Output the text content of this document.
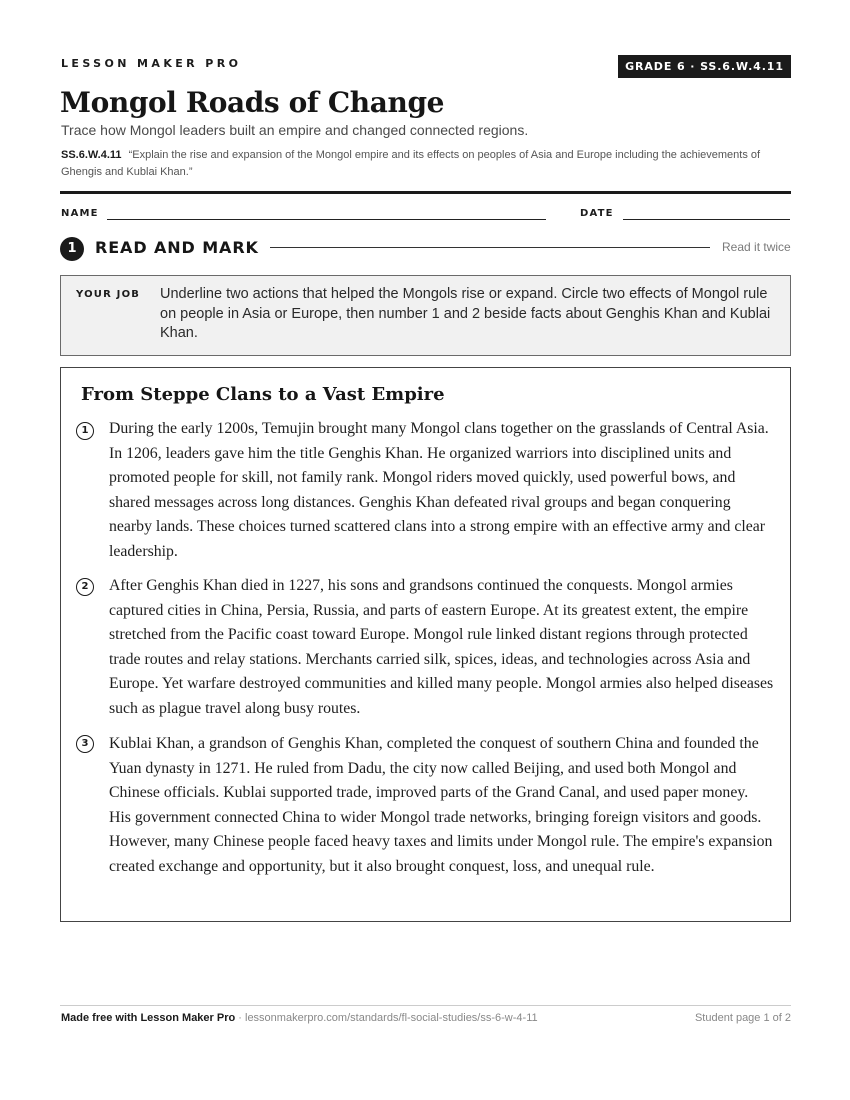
LESSON MAKER PRO	GRADE 6 · SS.6.W.4.11
Mongol Roads of Change
Trace how Mongol leaders built an empire and changed connected regions.
SS.6.W.4.11 “Explain the rise and expansion of the Mongol empire and its effects on peoples of Asia and Europe including the achievements of Ghengis and Kublai Khan.”
NAME	DATE
1	READ AND MARK	Read it twice
YOUR JOB Underline two actions that helped the Mongols rise or expand. Circle two effects of Mongol rule on people in Asia or Europe, then number 1 and 2 beside facts about Genghis Khan and Kublai Khan.
From Steppe Clans to a Vast Empire
1	During the early 1200s, Temujin brought many Mongol clans together on the grasslands of Central Asia. In 1206, leaders gave him the title Genghis Khan. He organized warriors into disciplined units and promoted people for skill, not family rank. Mongol riders moved quickly, used powerful bows, and shared messages across long distances. Genghis Khan defeated rival groups and began conquering nearby lands. These choices turned scattered clans into a strong empire with an effective army and clear leadership.

2	After Genghis Khan died in 1227, his sons and grandsons continued the conquests. Mongol armies captured cities in China, Persia, Russia, and parts of eastern Europe. At its greatest extent, the empire stretched from the Pacific coast toward Europe. Mongol rule linked distant regions through protected trade routes and relay stations. Merchants carried silk, spices, ideas, and technologies across Asia and Europe. Yet warfare destroyed communities and killed many people. Mongol armies also helped diseases such as plague travel along busy routes.

3	Kublai Khan, a grandson of Genghis Khan, completed the conquest of southern China and founded the Yuan dynasty in 1271. He ruled from Dadu, the city now called Beijing, and used both Mongol and Chinese officials. Kublai supported trade, improved parts of the Grand Canal, and used paper money. His government connected China to wider Mongol trade networks, bringing foreign visitors and goods. However, many Chinese people faced heavy taxes and limits under Mongol rule. The empire's expansion created exchange and opportunity, but it also brought conquest, loss, and unequal rule.

Made free with Lesson Maker Pro · lessonmakerpro.com/standards/fl-social-studies/ss-6-w-4-11	Student page 1 of 2
